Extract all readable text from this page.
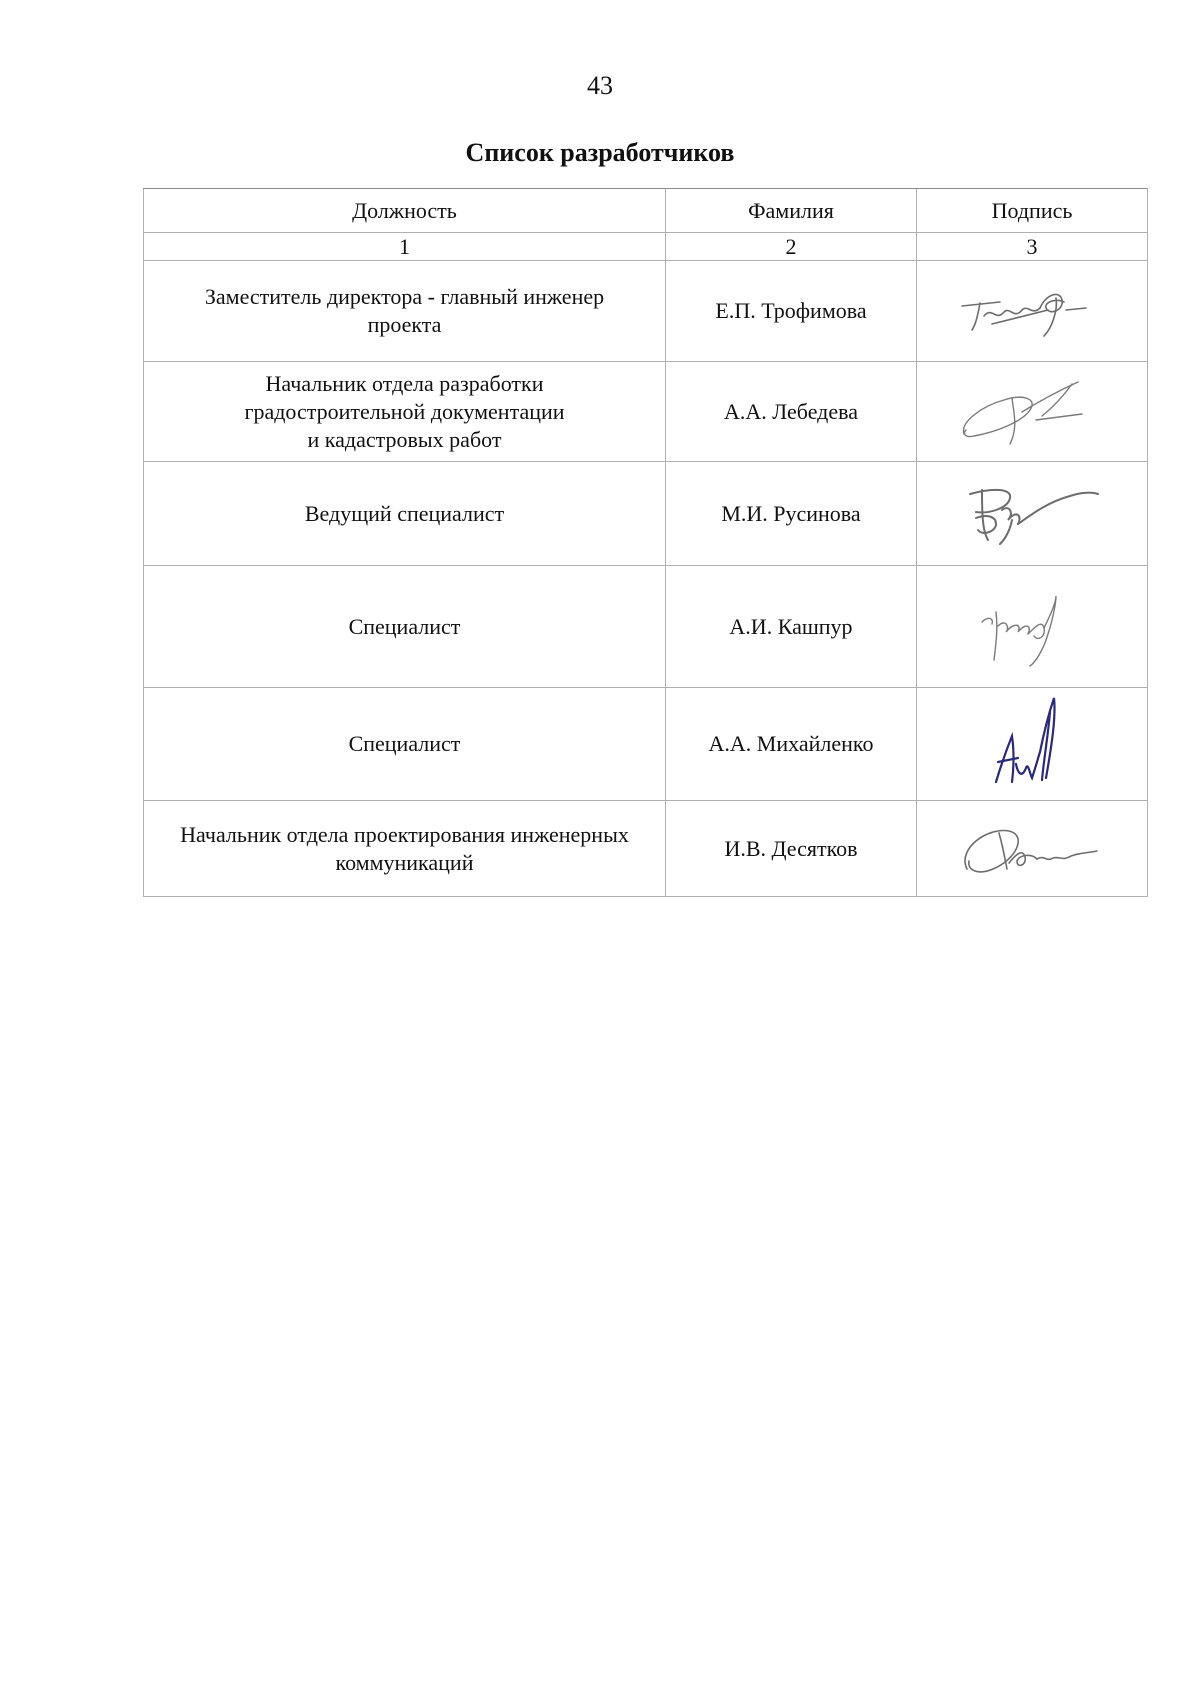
43
Список разработчиков
Должность	Фамилия	Подпись
1	2	3

Заместитель директора - главный инженер
проекта	Е.П. Трофимова	

Начальник отдела разработки
градостроительной документации
и кадастровых работ	А.А. Лебедева	

Ведущий специалист	М.И. Русинова	

Специалист	А.И. Кашпур	

Специалист	А.А. Михайленко	

Начальник отдела проектирования инженерных
коммуникаций	И.В. Десятков	
